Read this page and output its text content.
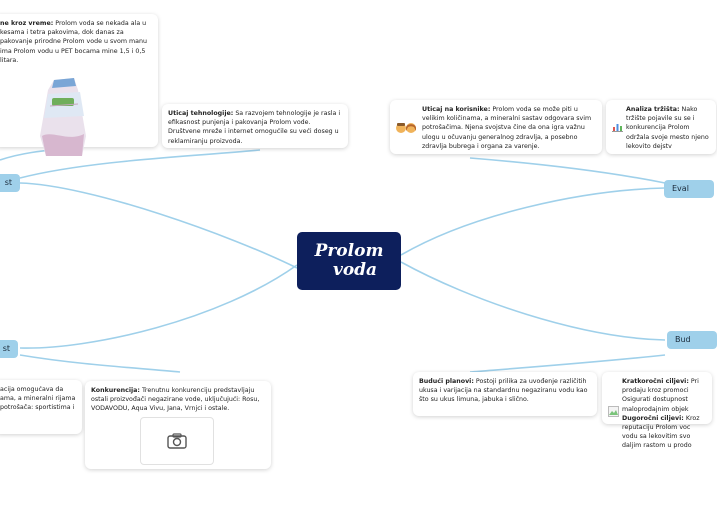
ne kroz vreme: Prolom voda se nekada ala u kesama i tetra pakovima, dok danas za pakovanje prirodne Prolom vode u svom manu ima Prolom vodu u PET bocama mine 1,5 i 0,5 litara.
Uticaj tehnologije: Sa razvojem tehnologije je rasla i efikasnost punjenja i pakovanja Prolom vode. Društvene mreže i internet omogućile su veći doseg u reklamiranju proizvoda.
st
Prolom
voda
Uticaj na korisnike: Prolom voda se može piti u velikim količinama, a mineralni sastav odgovara svim potrošačima. Njena svojstva čine da ona igra važnu ulogu u očuvanju generalnog zdravlja, a posebno zdravlja bubrega i organa za varenje.
Analiza tržišta: Nako tržište pojavile su se i konkurencija Prolom održala svoje mesto njeno lekovito dejstv
Eval
Bud
st
acija omogućava da ama, a mineralni rijama potrošača: sportistima i
Konkurencija: Trenutnu konkurenciju predstavljaju ostali proizvođači negazirane vode, uključujući: Rosu, VODAVODU, Aqua Vivu, Jana, Vrnjci i ostale.
Budući planovi: Postoji prilika za uvođenje različitih ukusa i varijacija na standardnu negaziranu vodu kao što su ukus limuna, jabuka i slično.
Kratkoročni ciljevi: Pri prodaju kroz promoci Osigurati dostupnost maloprodajnim objek Dugoročni ciljevi: Kroz reputaciju Prolom voc vodu sa lekovitim svo daljim rastom u prodo
